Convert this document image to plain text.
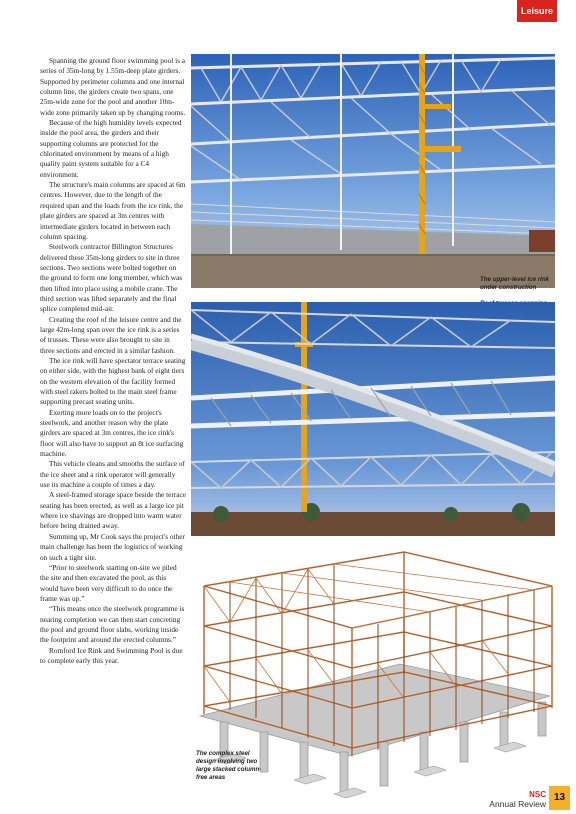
Leisure

Spanning the ground floor swimming pool is a series of 35m-long by 1.55m-deep plate girders. Supported by perimeter columns and one internal column line, the girders create two spans, one 25m-wide zone for the pool and another 10m-wide zone primarily taken up by changing rooms.

Because of the high humidity levels expected inside the pool area, the girders and their supporting columns are protected for the chlorinated environment by means of a high quality paint system suitable for a C4 environment.

The structure's main columns are spaced at 6m centres. However, due to the length of the required span and the loads from the ice rink, the plate girders are spaced at 3m centres with intermediate girders located in between each column spacing.

Steelwork contractor Billington Structures delivered these 35m-long girders to site in three sections. Two sections were bolted together on the ground to form one long member, which was then lifted into place using a mobile crane. The third section was lifted separately and the final splice completed mid-air.

Creating the roof of the leisure centre and the large 42m-long span over the ice rink is a series of trusses. These were also brought to site in three sections and erected in a similar fashion.

The ice rink will have spectator terrace seating on either side, with the highest bank of eight tiers on the western elevation of the facility formed with steel rakers bolted to the main steel frame supporting precast seating units.

Exerting more loads on to the project's steelwork, and another reason why the plate girders are spaced at 3m centres, the ice rink's floor will also have to support an 8t ice surfacing machine.

This vehicle cleans and smooths the surface of the ice sheet and a rink operator will generally use its machine a couple of times a day.

A steel-framed storage space beside the terrace seating has been erected, as well as a large ice pit where ice shavings are dropped into warm water before being drained away.

Summing up, Mr Cook says the project's other main challenge has been the logistics of working on such a tight site.

“Prior to steelwork starting on-site we piled the site and then excavated the pool, as this would have been very difficult to do once the frame was up.”

“This means once the steelwork programme is nearing completion we can then start concreting the pool and ground floor slabs, working inside the footprint and around the erected columns.”

Romford Ice Rink and Swimming Pool is due to complete early this year.

The upper-level ice rink under construction
The complex steel design involving two large stacked column-free areas
NSC
Annual Review
13
